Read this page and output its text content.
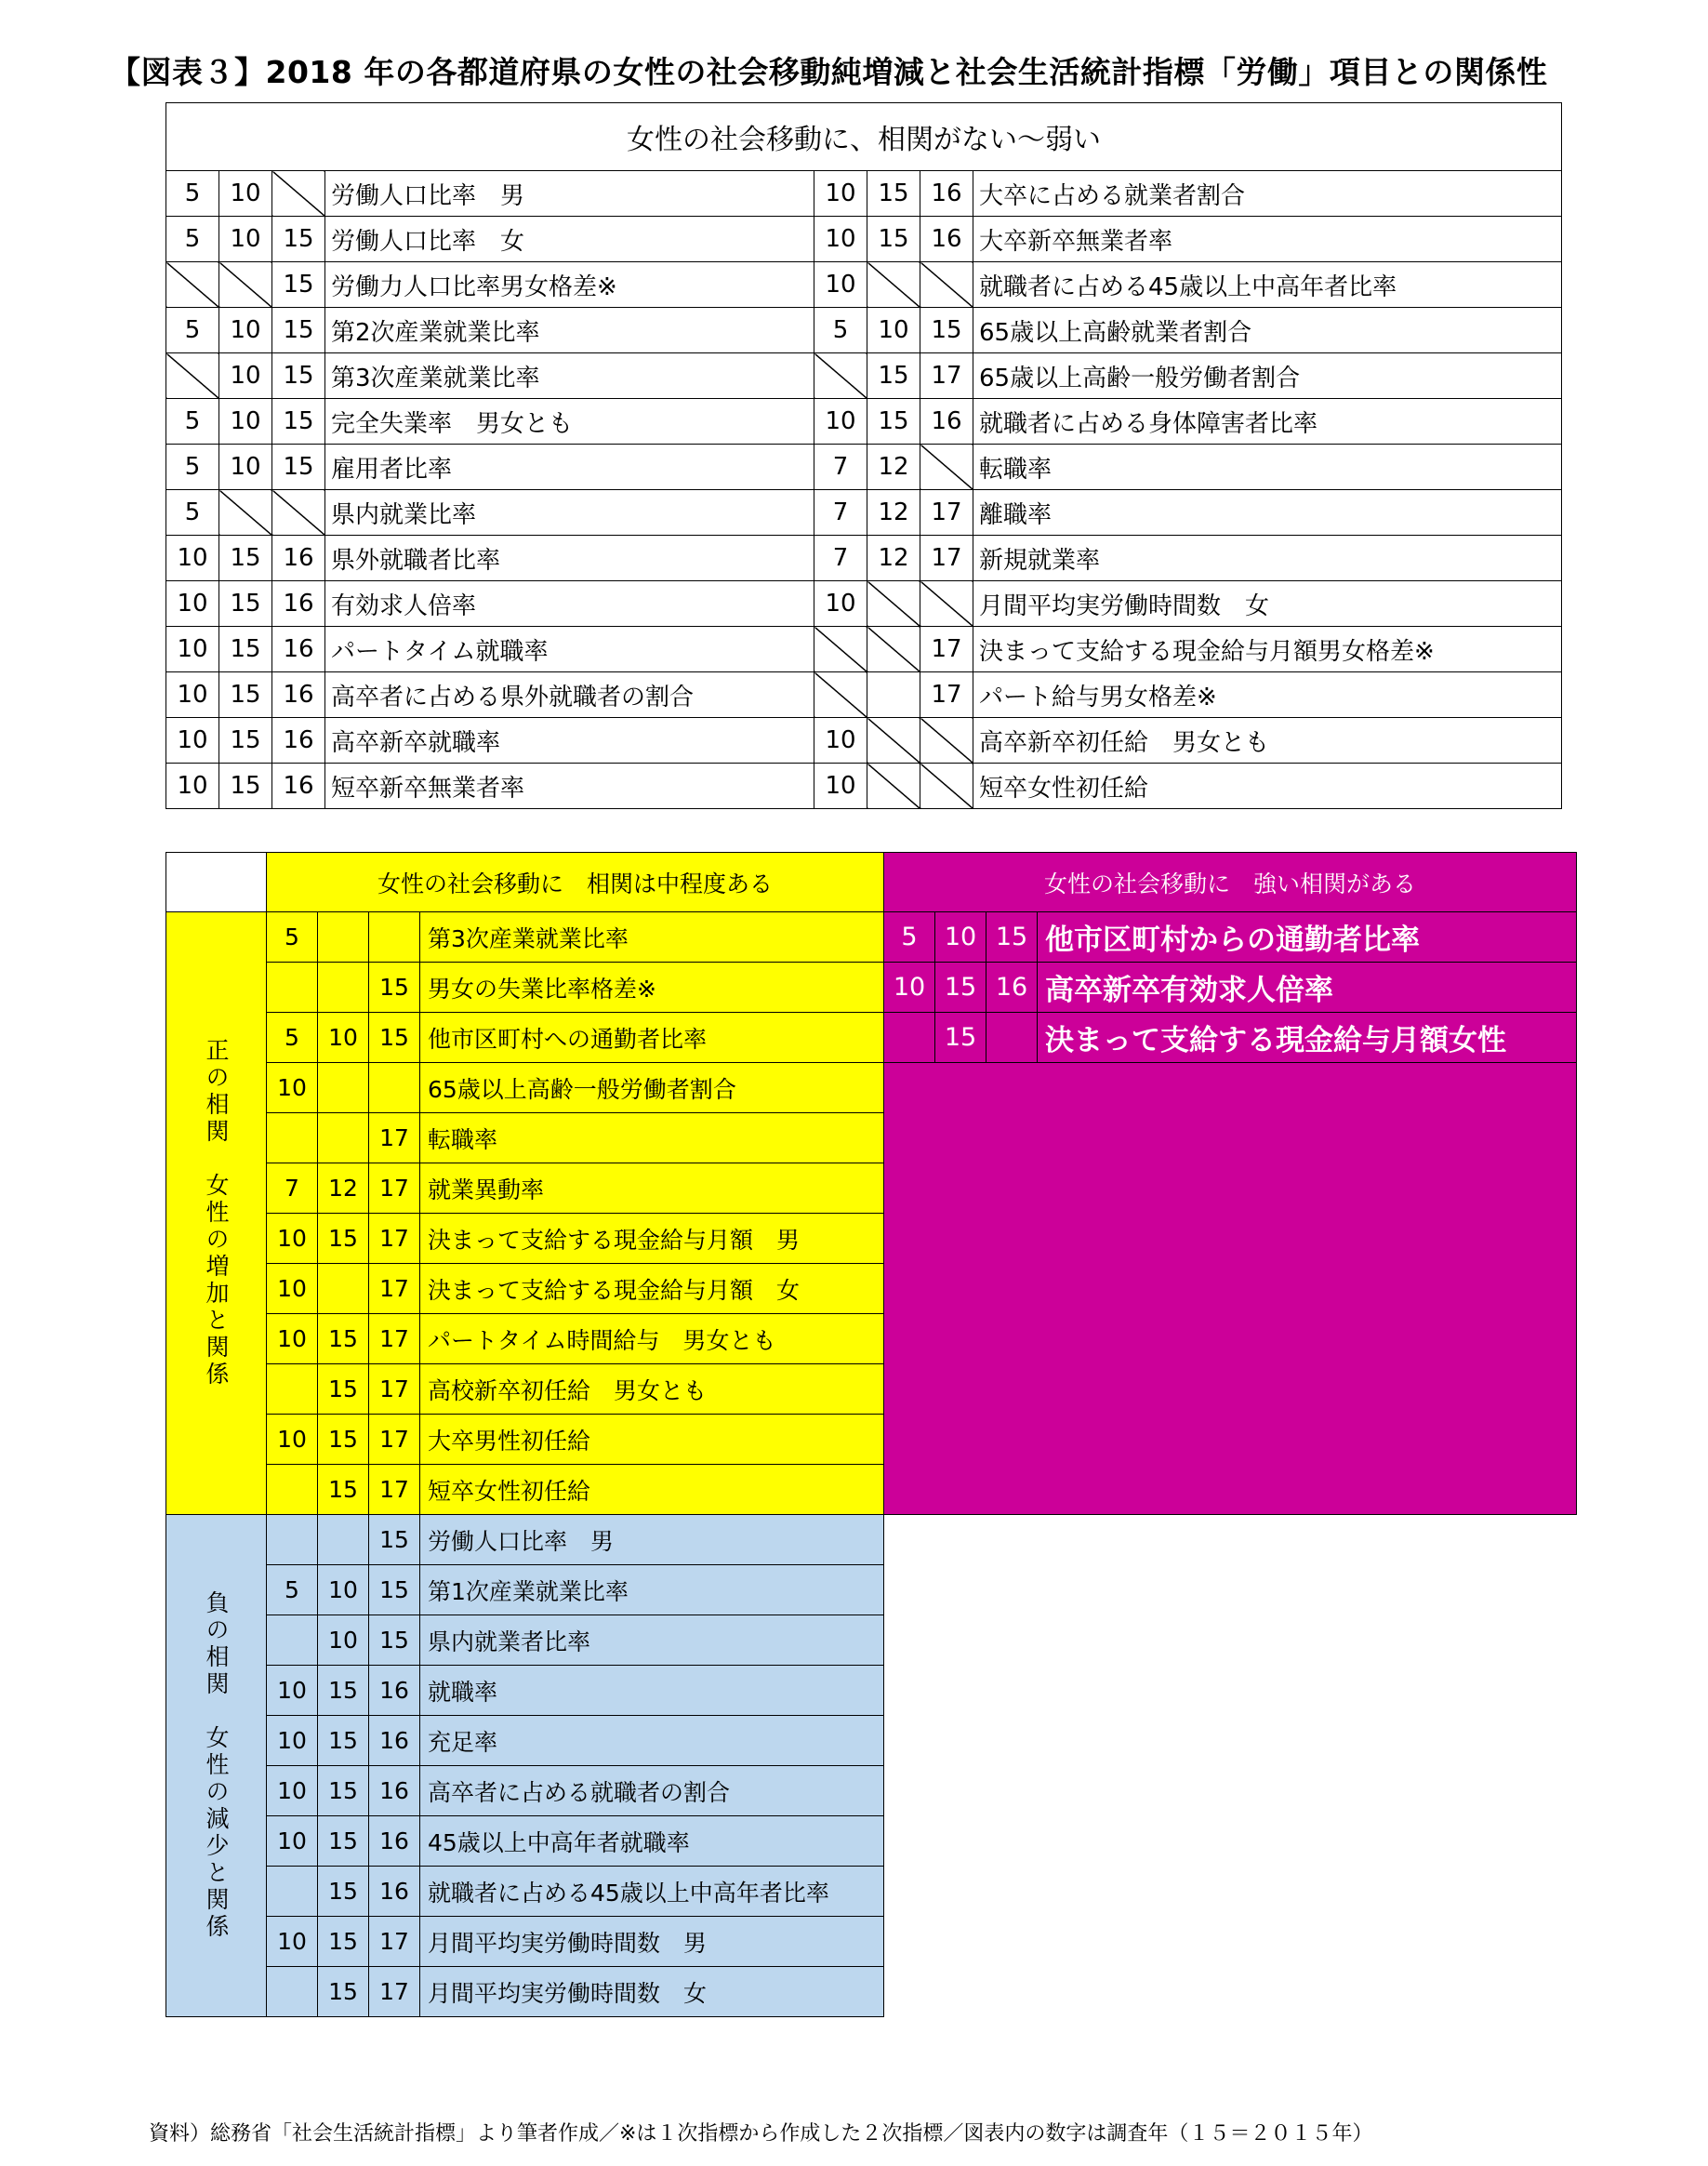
【図表３】2018 年の各都道府県の女性の社会移動純増減と社会生活統計指標「労働」項目との関係性
女性の社会移動に、相関がない～弱い							
5	10		労働人口比率　男	10	15	16	大卒に占める就業者割合
5	10	15	労働人口比率　女	10	15	16	大卒新卒無業者率
		15	労働力人口比率男女格差※	10			就職者に占める45歳以上中高年者比率
5	10	15	第2次産業就業比率	5	10	15	65歳以上高齢就業者割合
	10	15	第3次産業就業比率		15	17	65歳以上高齢一般労働者割合
5	10	15	完全失業率　男女とも	10	15	16	就職者に占める身体障害者比率
5	10	15	雇用者比率	7	12		転職率
5			県内就業比率	7	12	17	離職率
10	15	16	県外就職者比率	7	12	17	新規就業率
10	15	16	有効求人倍率	10			月間平均実労働時間数　女
10	15	16	パートタイム就職率			17	決まって支給する現金給与月額男女格差※
10	15	16	高卒者に占める県外就職者の割合			17	パート給与男女格差※
10	15	16	高卒新卒就職率	10			高卒新卒初任給　男女とも
10	15	16	短卒新卒無業者率	10			短卒女性初任給
	女性の社会移動に　相関は中程度ある				女性の社会移動に　強い相関がある			
正の相関　女性の増加と関係	5			第3次産業就業比率	5	10	15	他市区町村からの通勤者比率
			15	男女の失業比率格差※	10	15	16	高卒新卒有効求人倍率
	5	10	15	他市区町村への通勤者比率		15		決まって支給する現金給与月額女性
	10			65歳以上高齢一般労働者割合				
			17	転職率				
	7	12	17	就業異動率				
	10	15	17	決まって支給する現金給与月額　男				
	10		17	決まって支給する現金給与月額　女				
	10	15	17	パートタイム時間給与　男女とも				
		15	17	高校新卒初任給　男女とも				
	10	15	17	大卒男性初任給				
		15	17	短卒女性初任給				
負の相関　女性の減少と関係			15	労働人口比率　男				
	5	10	15	第1次産業就業比率				
		10	15	県内就業者比率				
	10	15	16	就職率				
	10	15	16	充足率				
	10	15	16	高卒者に占める就職者の割合				
	10	15	16	45歳以上中高年者就職率				
		15	16	就職者に占める45歳以上中高年者比率				
	10	15	17	月間平均実労働時間数　男				
		15	17	月間平均実労働時間数　女				
資料）総務省「社会生活統計指標」より筆者作成／※は１次指標から作成した２次指標／図表内の数字は調査年（１５＝２０１５年）
